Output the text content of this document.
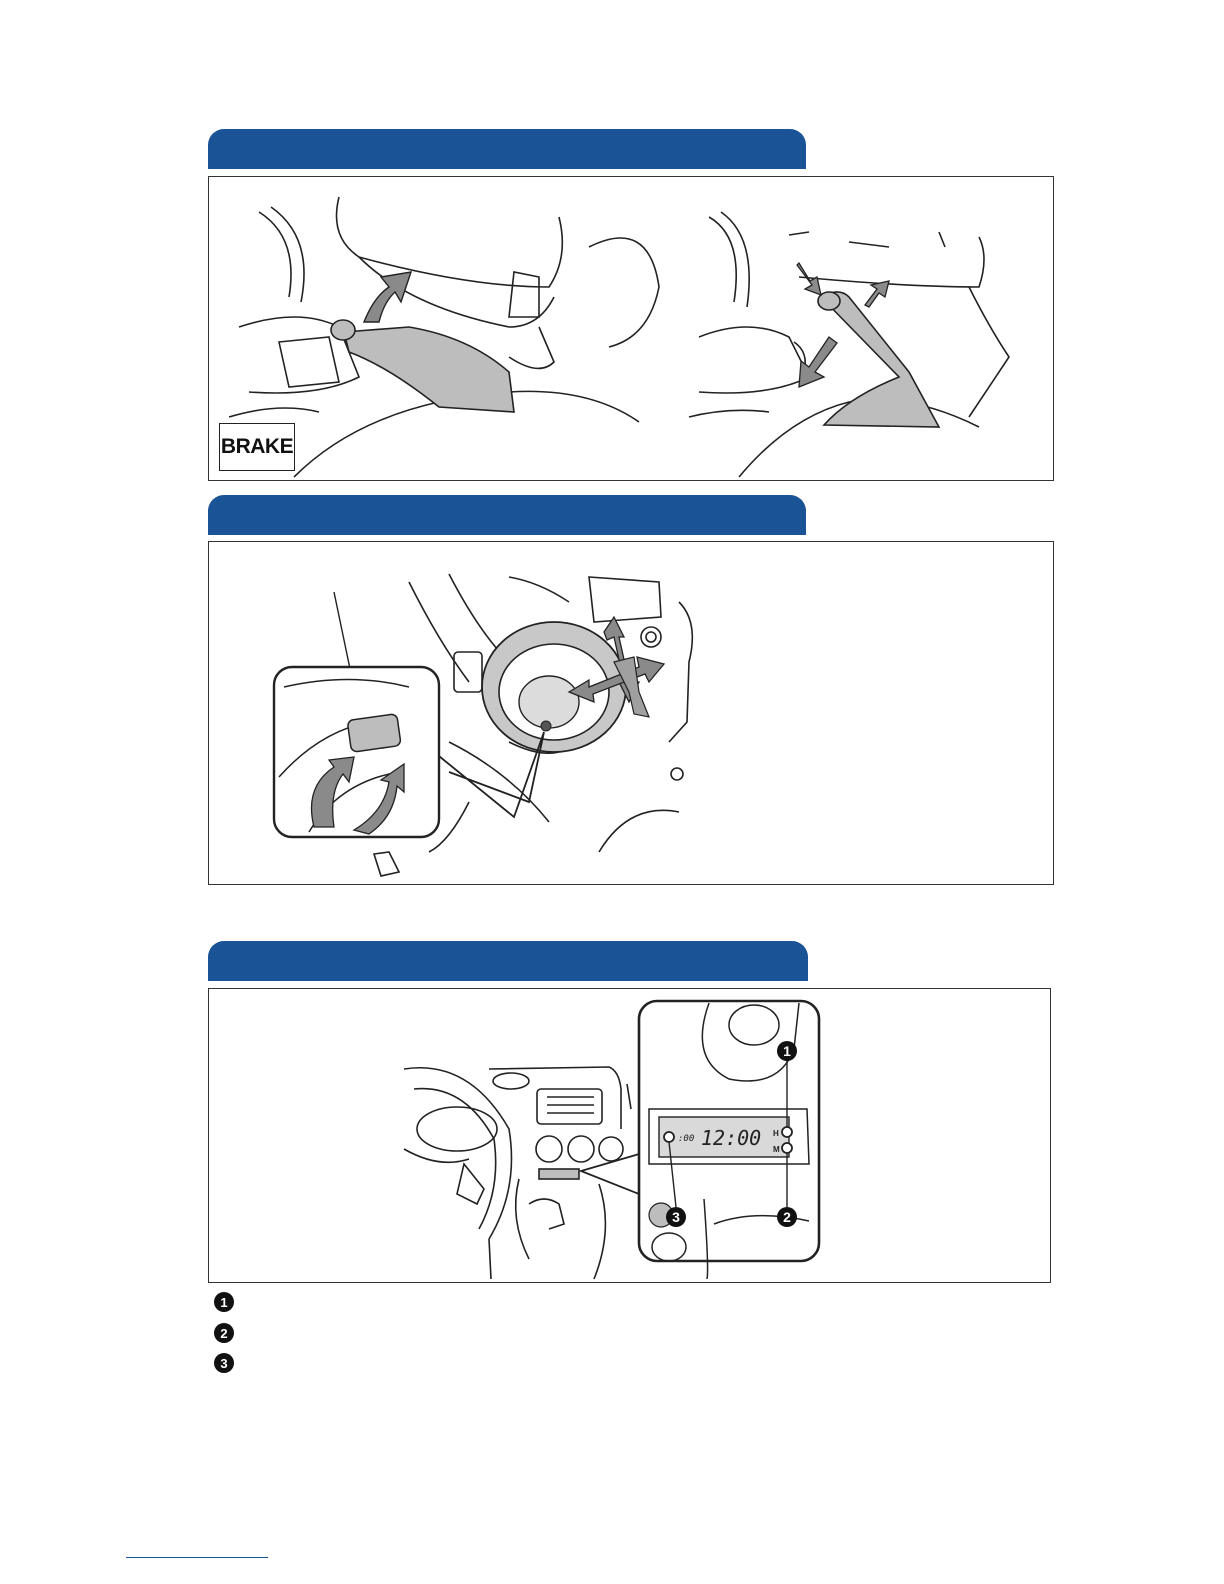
BRAKE
1
2
3
:00 12:00 H
M
1
2
3
